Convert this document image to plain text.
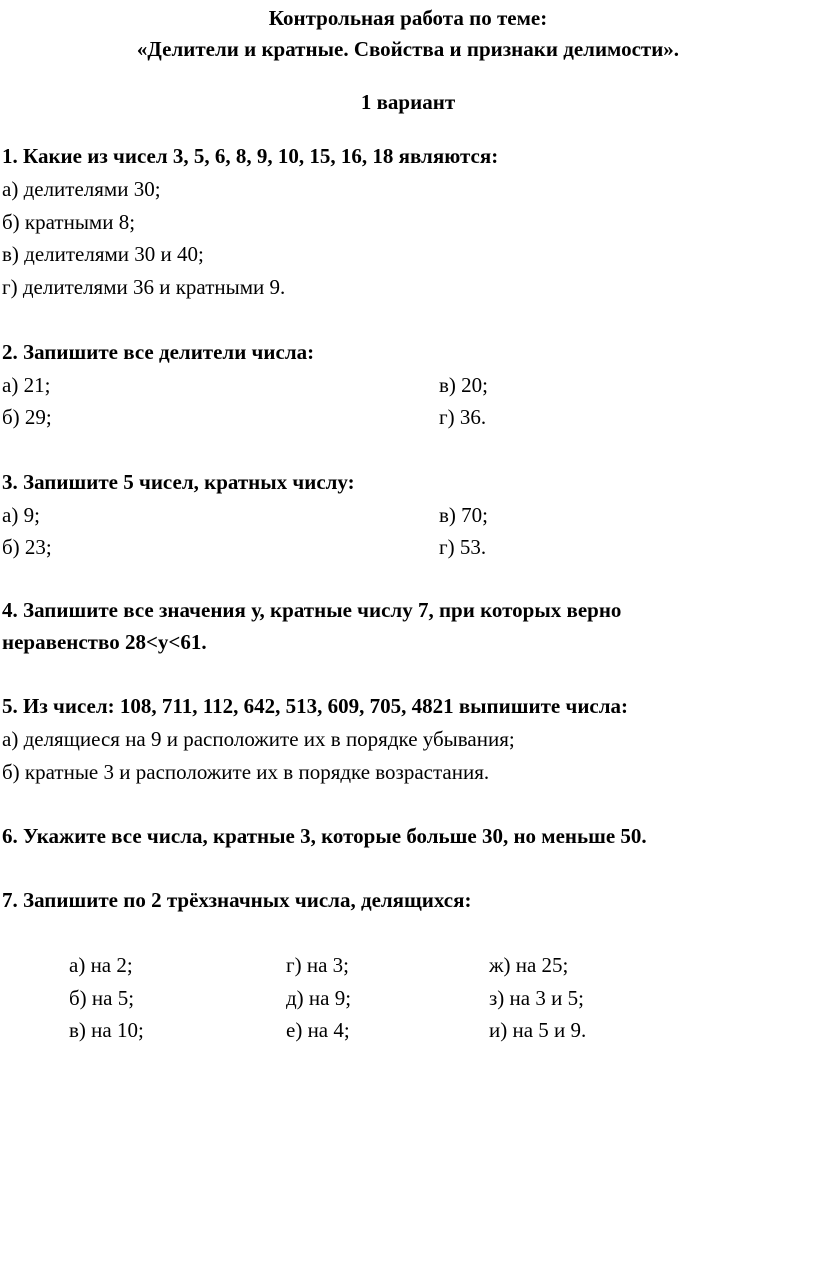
Контрольная работа по теме:
«Делители и кратные. Свойства и признаки делимости».
1 вариант
1. Какие из чисел 3, 5, 6, 8, 9, 10, 15, 16, 18 являются:
а) делителями 30;
б) кратными 8;
в) делителями 30 и 40;
г) делителями 36 и кратными 9.
2. Запишите все делители числа:
а) 21;	в) 20;
б) 29;	г) 36.
3. Запишите 5 чисел, кратных числу:
а) 9;	в) 70;
б) 23;	г) 53.
4. Запишите все значения у, кратные числу 7, при которых верно
неравенство 28<у<61.
5. Из чисел: 108, 711, 112, 642, 513, 609, 705, 4821 выпишите числа:
а) делящиеся на 9 и расположите их в порядке убывания;
б) кратные 3 и расположите их в порядке возрастания.
6. Укажите все числа, кратные 3, которые больше 30, но меньше 50.
7. Запишите по 2 трёхзначных числа, делящихся:
а) на 2;	г) на 3;	ж) на 25;
б) на 5;	д) на 9;	з) на 3 и 5;
в) на 10;	е) на 4;	и) на 5 и 9.
